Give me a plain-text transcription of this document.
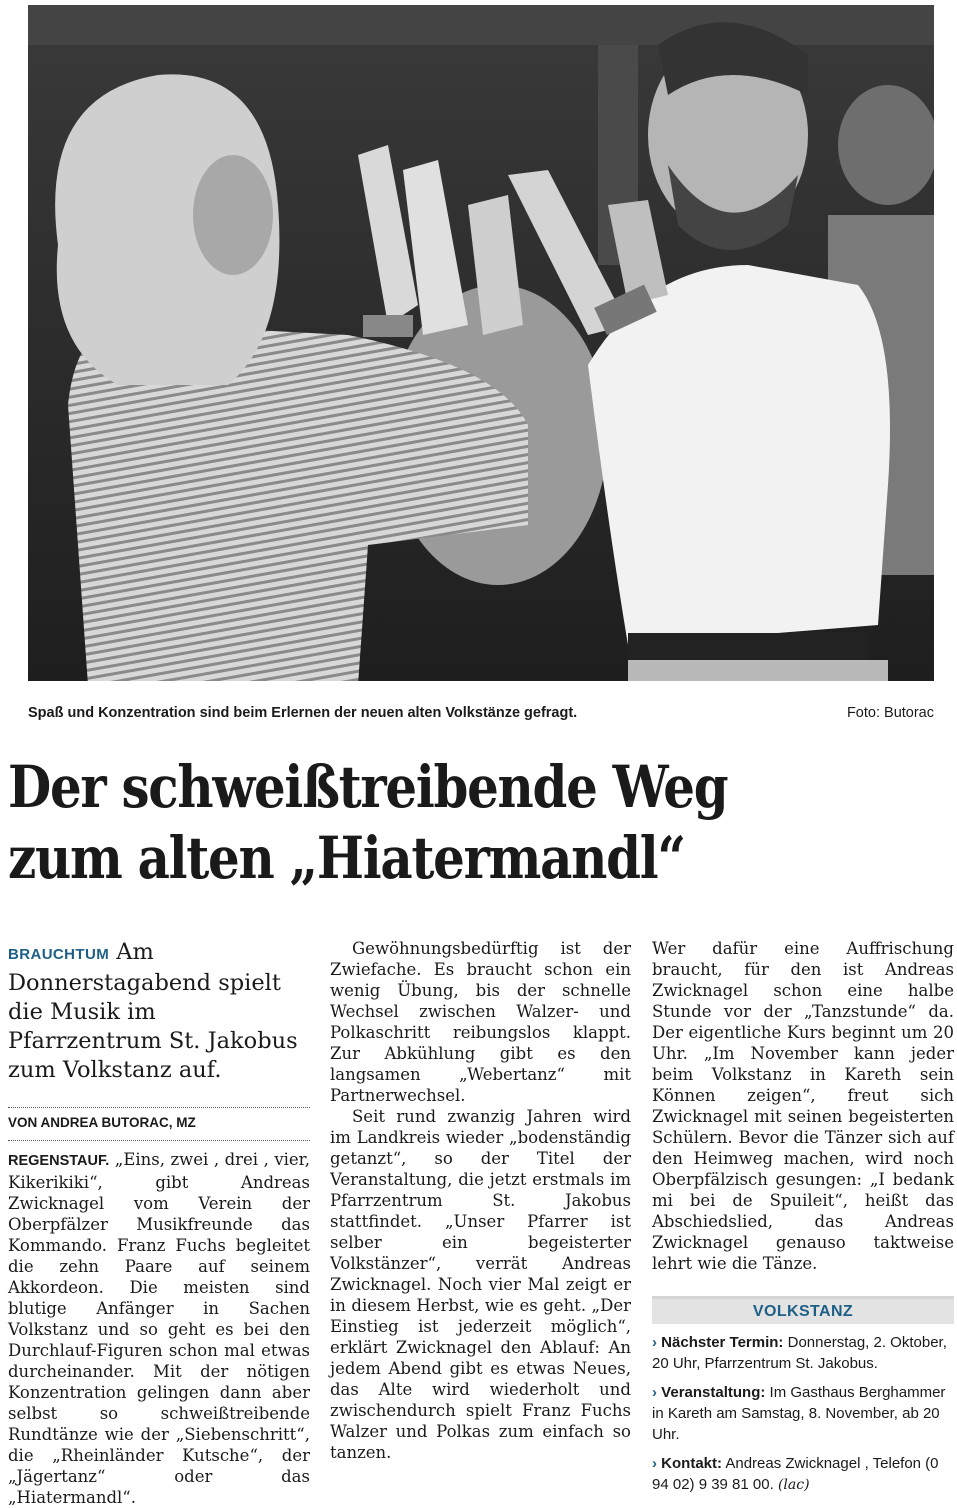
Spaß und Konzentration sind beim Erlernen der neuen alten Volkstänze gefragt.	Foto: Butorac
Der schweißtreibende Weg
zum alten „Hiatermandl“

BRAUCHTUM Am Donnerstagabend spielt die Musik im Pfarrzentrum St. Jakobus zum Volkstanz auf.

VON ANDREA BUTORAC, MZ

REGENSTAUF. „Eins, zwei , drei , vier, Kikerikiki“, gibt Andreas Zwicknagel vom Verein der Oberpfälzer Musikfreunde das Kommando. Franz Fuchs begleitet die zehn Paare auf seinem Akkordeon. Die meisten sind blutige Anfänger in Sachen Volkstanz und so geht es bei den Durchlauf-Figuren schon mal etwas durcheinander. Mit der nötigen Konzentration gelingen dann aber selbst so schweißtreibende Rundtänze wie der „Siebenschritt“, die „Rheinländer Kutsche“, der „Jägertanz“ oder das „Hiatermandl“.

Gewöhnungsbedürftig ist der Zwiefache. Es braucht schon ein wenig Übung, bis der schnelle Wechsel zwischen Walzer- und Polkaschritt reibungslos klappt. Zur Abkühlung gibt es den langsamen „Webertanz“ mit Partnerwechsel.

Seit rund zwanzig Jahren wird im Landkreis wieder „bodenständig getanzt“, so der Titel der Veranstaltung, die jetzt erstmals im Pfarrzentrum St. Jakobus stattfindet. „Unser Pfarrer ist selber ein begeisterter Volkstänzer“, verrät Andreas Zwicknagel. Noch vier Mal zeigt er in diesem Herbst, wie es geht. „Der Einstieg ist jederzeit möglich“, erklärt Zwicknagel den Ablauf: An jedem Abend gibt es etwas Neues, das Alte wird wiederholt und zwischendurch spielt Franz Fuchs Walzer und Polkas zum einfach so tanzen.

Wer dafür eine Auffrischung braucht, für den ist Andreas Zwicknagel schon eine halbe Stunde vor der „Tanzstunde“ da. Der eigentliche Kurs beginnt um 20 Uhr. „Im November kann jeder beim Volkstanz in Kareth sein Können zeigen“, freut sich Zwicknagel mit seinen begeisterten Schülern. Bevor die Tänzer sich auf den Heimweg machen, wird noch Oberpfälzisch gesungen: „I bedank mi bei de Spuileit“, heißt das Abschiedslied, das Andreas Zwicknagel genauso taktweise lehrt wie die Tänze.

VOLKSTANZ
› Nächster Termin: Donnerstag, 2. Oktober, 20 Uhr, Pfarrzentrum St. Jakobus.
› Veranstaltung: Im Gasthaus Berghammer in Kareth am Samstag, 8. November, ab 20 Uhr.
› Kontakt: Andreas Zwicknagel , Telefon (0 94 02) 9 39 81 00. (lac)
